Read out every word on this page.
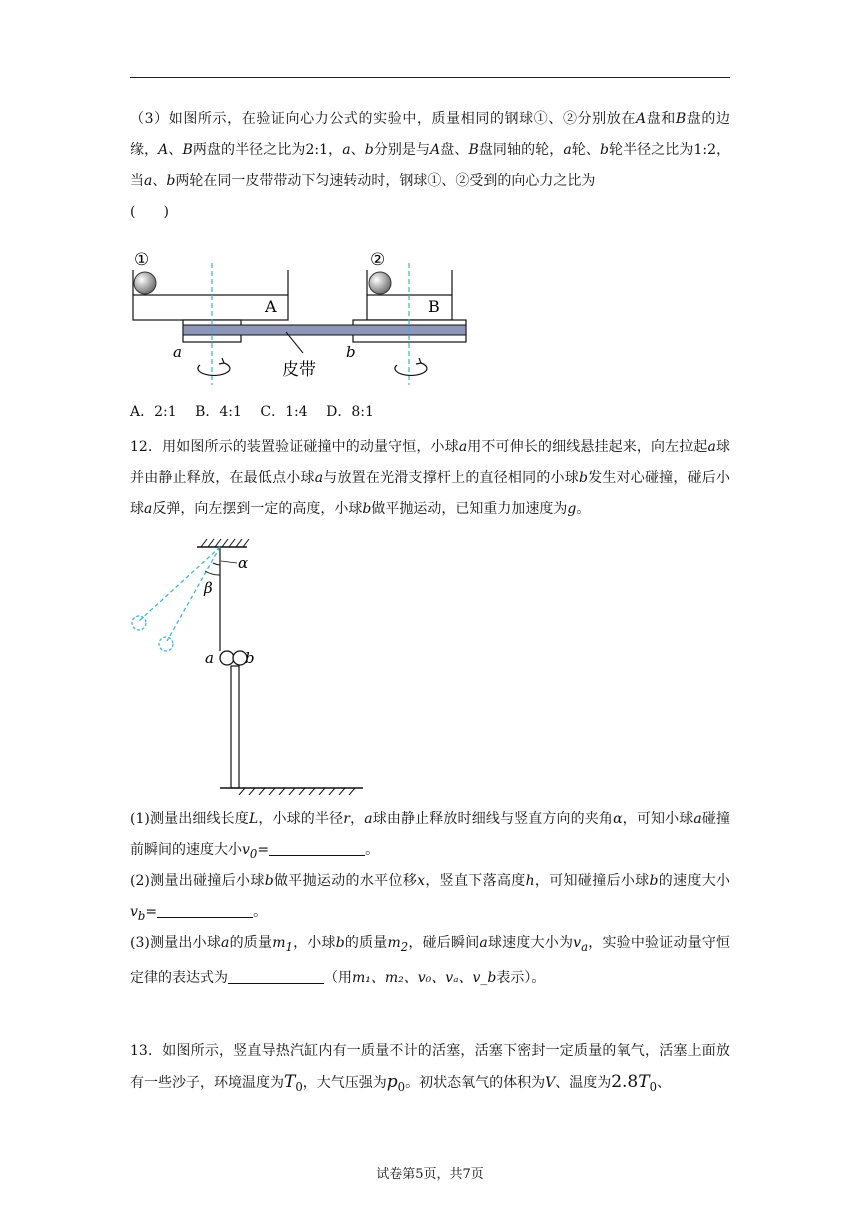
（3）如图所示，在验证向心力公式的实验中，质量相同的钢球①、②分别放在A盘和B盘的边缘，A、B两盘的半径之比为2:1，a、b分别是与A盘、B盘同轴的轮，a轮、b轮半径之比为1:2，当a、b两轮在同一皮带带动下匀速转动时，钢球①、②受到的向心力之比为
(　　)

A
①
B
②
a	b
皮带
A．2:1 B．4:1 C．1:4 D．8:1

12．用如图所示的装置验证碰撞中的动量守恒，小球a用不可伸长的细线悬挂起来，向左拉起a球并由静止释放，在最低点小球a与放置在光滑支撑杆上的直径相同的小球b发生对心碰撞，碰后小球a反弹，向左摆到一定的高度，小球b做平抛运动，已知重力加速度为g。

α
β
a b

(1)测量出细线长度L，小球的半径r，a球由静止释放时细线与竖直方向的夹角α，可知小球a碰撞前瞬间的速度大小$v_0=$	。

(2)测量出碰撞后小球b做平抛运动的水平位移x，竖直下落高度h，可知碰撞后小球b的速度大小$v_b=$	。

(3)测量出小球a的质量$m_1$，小球b的质量$m_2$，碰后瞬间a球速度大小为$v_a$，实验中验证动量守恒定律的表达式为	（用m₁、m₂、v₀、vₐ、v_b表示）。

13．如图所示，竖直导热汽缸内有一质量不计的活塞，活塞下密封一定质量的氧气，活塞上面放有一些沙子，环境温度为$T_0$，大气压强为$p_0$。初状态氧气的体积为V、温度为$2.8T_0$、

试卷第5页，共7页
